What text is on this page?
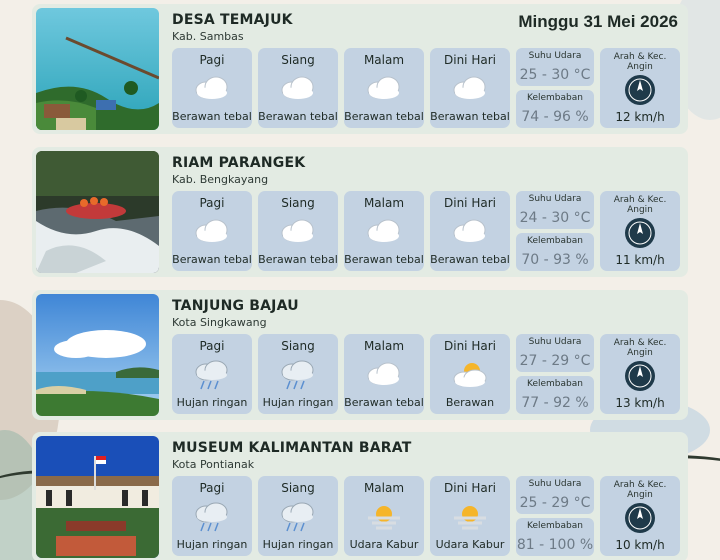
DESA TEMAJUK
Kab. Sambas
Minggu 31 Mei 2026
Pagi
Berawan tebal
Siang
Berawan tebal
Malam
Berawan tebal
Dini Hari
Berawan tebal
Suhu Udara
25 - 30 °C
Kelembaban
74 - 96 %
Arah & Kec. Angin
12 km/h
RIAM PARANGEK
Kab. Bengkayang
Pagi
Berawan tebal
Siang
Berawan tebal
Malam
Berawan tebal
Dini Hari
Berawan tebal
Suhu Udara
24 - 30 °C
Kelembaban
70 - 93 %
Arah & Kec. Angin
11 km/h
TANJUNG BAJAU
Kota Singkawang
Pagi
Hujan ringan
Siang
Hujan ringan
Malam
Berawan tebal
Dini Hari
Berawan
Suhu Udara
27 - 29 °C
Kelembaban
77 - 92 %
Arah & Kec. Angin
13 km/h
MUSEUM KALIMANTAN BARAT
Kota Pontianak
Pagi
Hujan ringan
Siang
Hujan ringan
Malam
Udara Kabur
Dini Hari
Udara Kabur
Suhu Udara
25 - 29 °C
Kelembaban
81 - 100 %
Arah & Kec. Angin
10 km/h
